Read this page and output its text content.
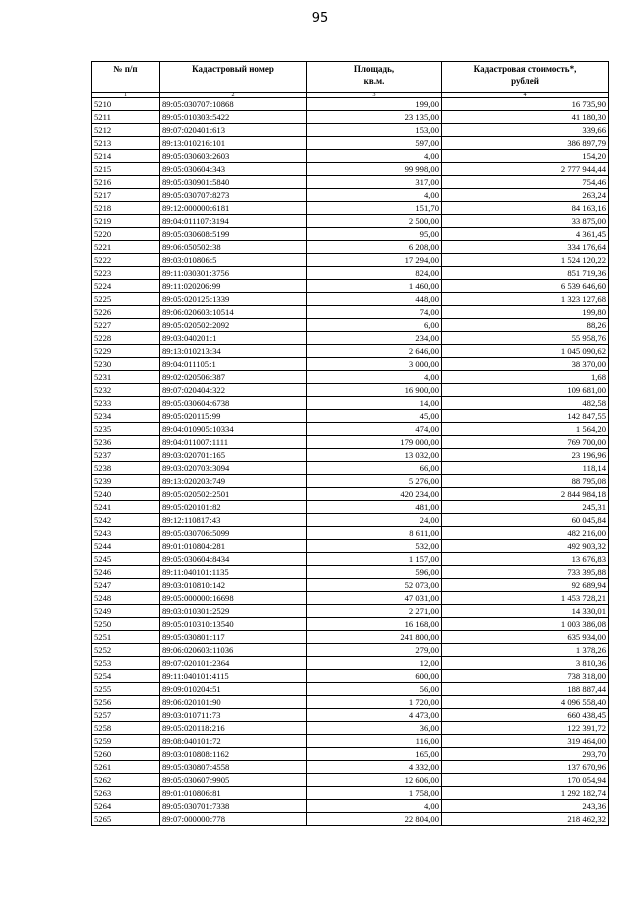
95
№ п/п	Кадастровый номер	Площадь,
кв.м.	Кадастровая стоимость*,
рублей
1	2	3	4
5210	89:05:030707:10868	199,00	16 735,90
5211	89:05:010303:5422	23 135,00	41 180,30
5212	89:07:020401:613	153,00	339,66
5213	89:13:010216:101	597,00	386 897,79
5214	89:05:030603:2603	4,00	154,20
5215	89:05:030604:343	99 998,00	2 777 944,44
5216	89:05:030901:5840	317,00	754,46
5217	89:05:030707:8273	4,00	263,24
5218	89:12:000000:6181	151,70	84 163,16
5219	89:04:011107:3194	2 500,00	33 875,00
5220	89:05:030608:5199	95,00	4 361,45
5221	89:06:050502:38	6 208,00	334 176,64
5222	89:03:010806:5	17 294,00	1 524 120,22
5223	89:11:030301:3756	824,00	851 719,36
5224	89:11:020206:99	1 460,00	6 539 646,60
5225	89:05:020125:1339	448,00	1 323 127,68
5226	89:06:020603:10514	74,00	199,80
5227	89:05:020502:2092	6,00	88,26
5228	89:03:040201:1	234,00	55 958,76
5229	89:13:010213:34	2 646,00	1 045 090,62
5230	89:04:011105:1	3 000,00	38 370,00
5231	89:02:020506:387	4,00	1,68
5232	89:07:020404:322	16 900,00	109 681,00
5233	89:05:030604:6738	14,00	482,58
5234	89:05:020115:99	45,00	142 847,55
5235	89:04:010905:10334	474,00	1 564,20
5236	89:04:011007:1111	179 000,00	769 700,00
5237	89:03:020701:165	13 032,00	23 196,96
5238	89:03:020703:3094	66,00	118,14
5239	89:13:020203:749	5 276,00	88 795,08
5240	89:05:020502:2501	420 234,00	2 844 984,18
5241	89:05:020101:82	481,00	245,31
5242	89:12:110817:43	24,00	60 045,84
5243	89:05:030706:5099	8 611,00	482 216,00
5244	89:01:010804:281	532,00	492 903,32
5245	89:05:030604:8434	1 157,00	13 676,83
5246	89:11:040101:1135	596,00	733 395,88
5247	89:03:010810:142	52 073,00	92 689,94
5248	89:05:000000:16698	47 031,00	1 453 728,21
5249	89:03:010301:2529	2 271,00	14 330,01
5250	89:05:010310:13540	16 168,00	1 003 386,08
5251	89:05:030801:117	241 800,00	635 934,00
5252	89:06:020603:11036	279,00	1 378,26
5253	89:07:020101:2364	12,00	3 810,36
5254	89:11:040101:4115	600,00	738 318,00
5255	89:09:010204:51	56,00	188 887,44
5256	89:06:020101:90	1 720,00	4 096 558,40
5257	89:03:010711:73	4 473,00	660 438,45
5258	89:05:020118:216	36,00	122 391,72
5259	89:08:040101:72	116,00	319 464,00
5260	89:03:010808:1162	165,00	293,70
5261	89:05:030807:4558	4 332,00	137 670,96
5262	89:05:030607:9905	12 606,00	170 054,94
5263	89:01:010806:81	1 758,00	1 292 182,74
5264	89:05:030701:7338	4,00	243,36
5265	89:07:000000:778	22 804,00	218 462,32
